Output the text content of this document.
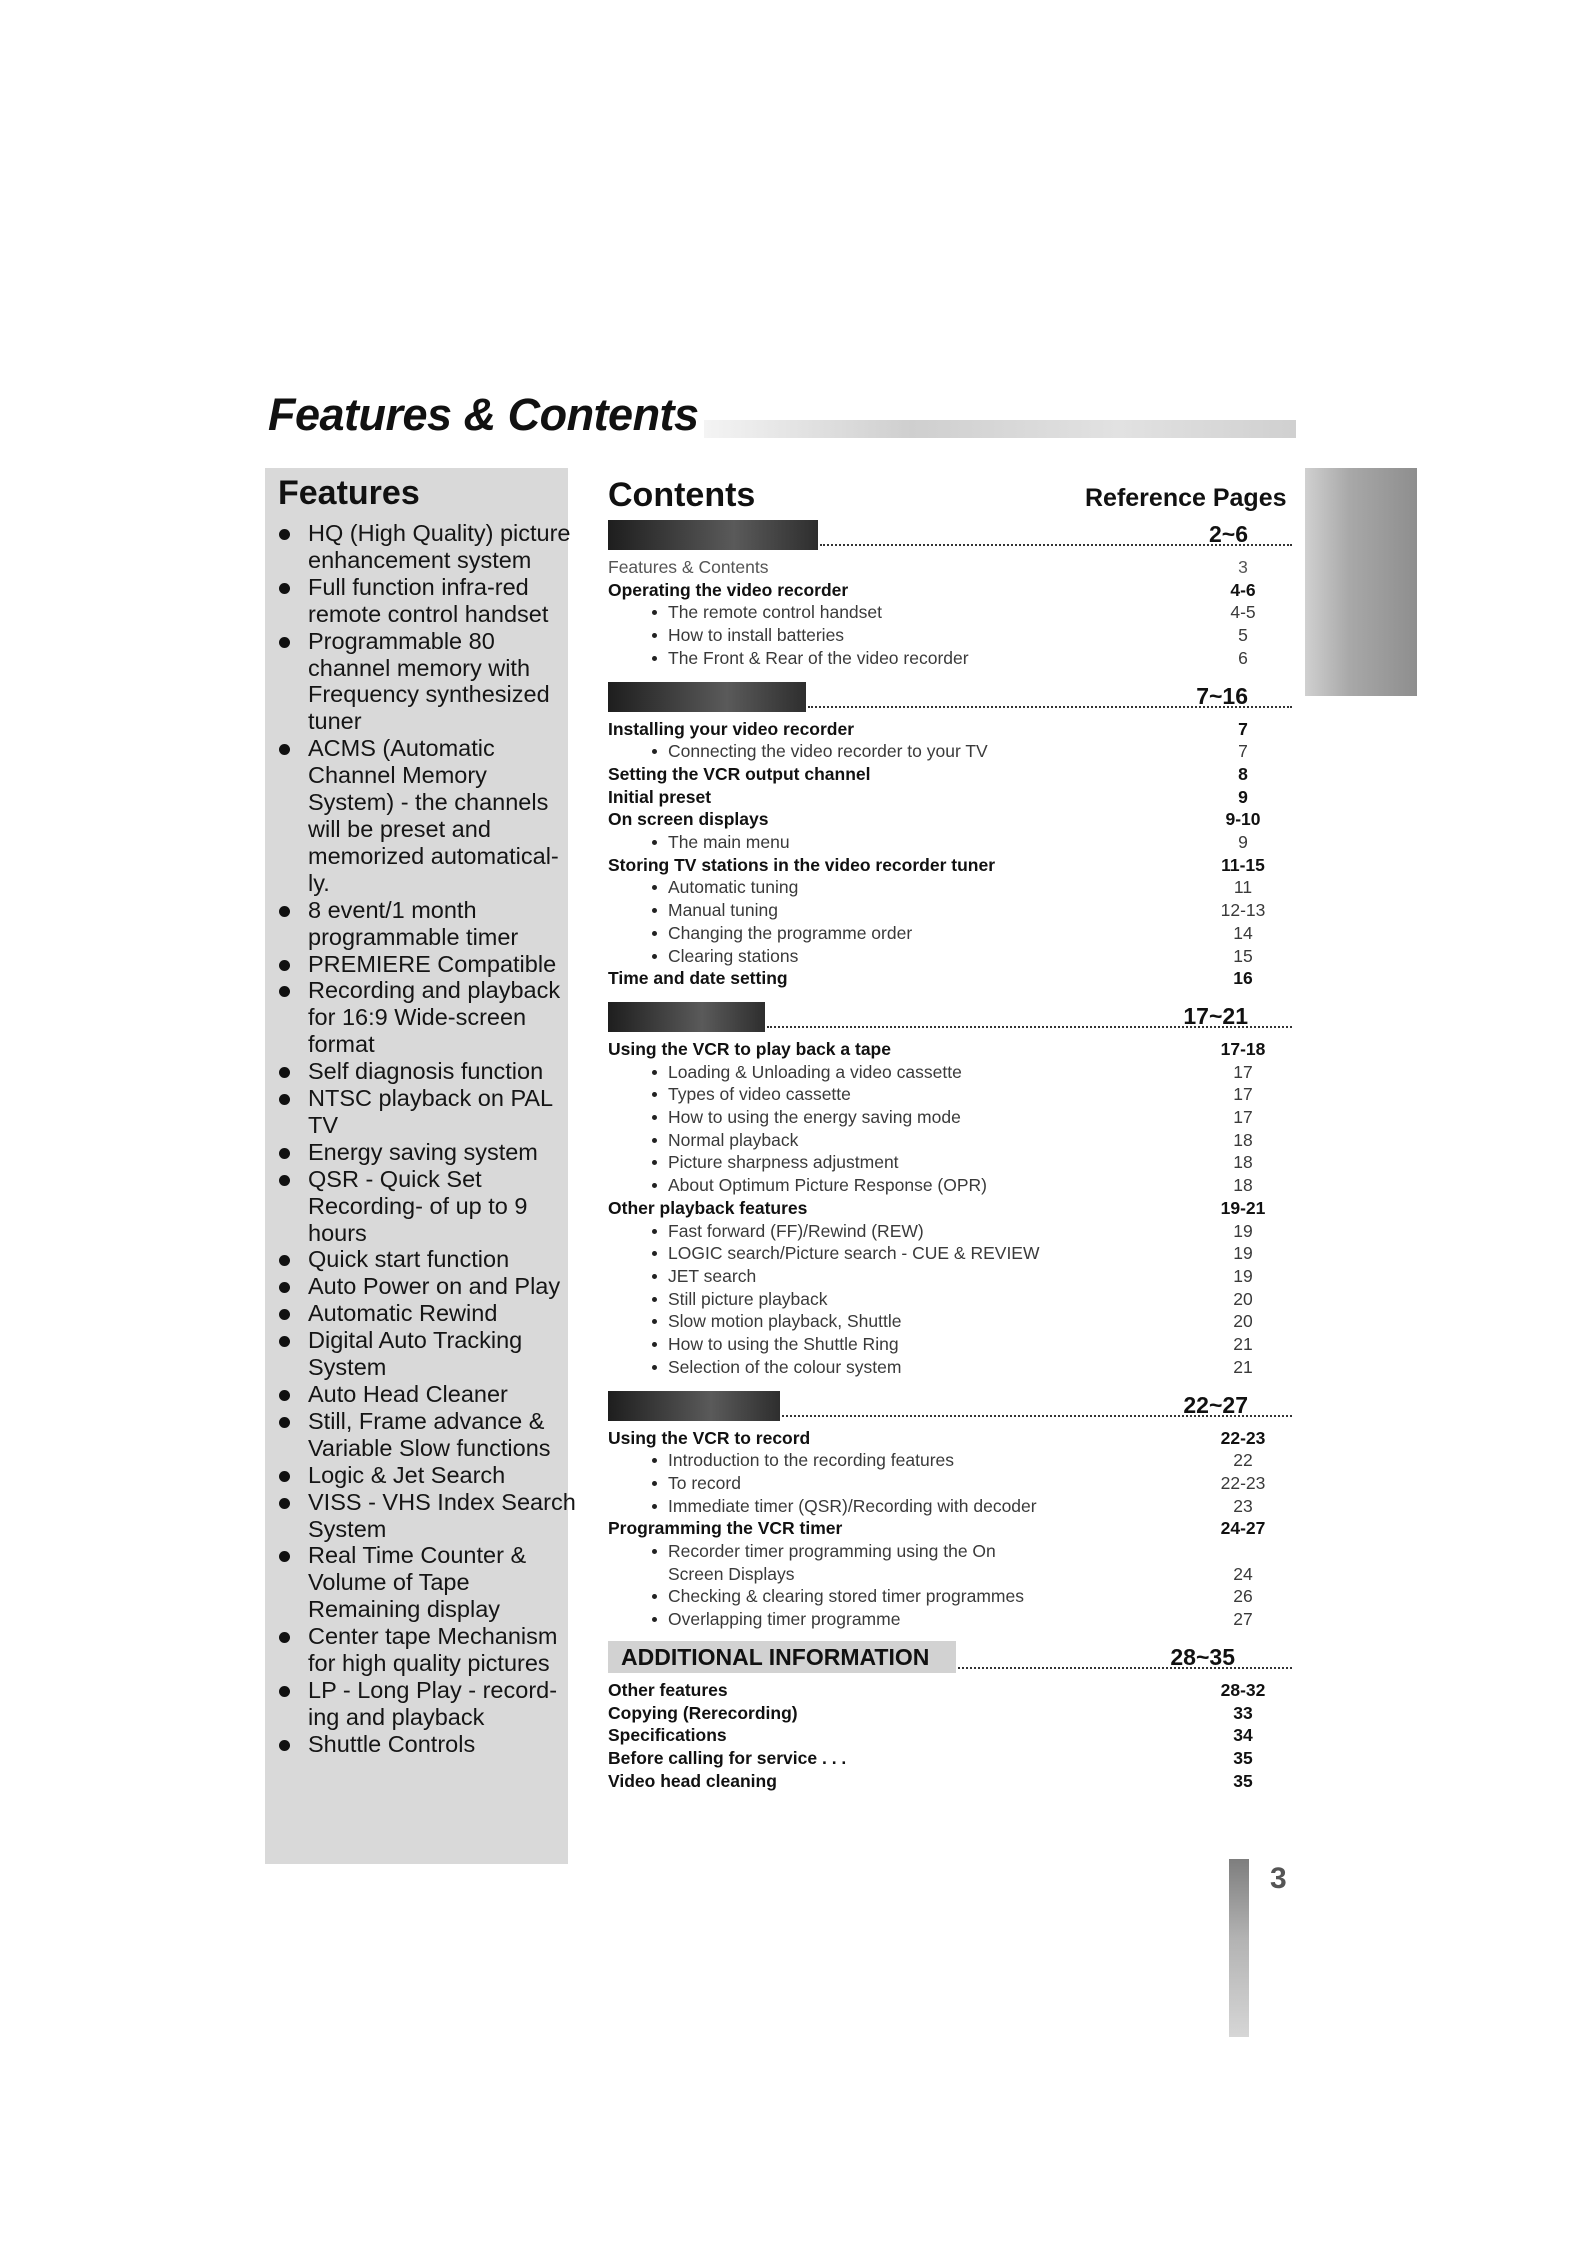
Features & Contents
Features
HQ (High Quality) picture enhancement system
Full function infra-red remote control handset
Programmable 80 channel memory with Frequency synthesized tuner
ACMS (Automatic Channel Memory System) - the channels will be preset and memorized automatical- ly.
8 event/1 month programmable timer
PREMIERE Compatible
Recording and playback for 16:9 Wide-screen format
Self diagnosis function
NTSC playback on PAL TV
Energy saving system
QSR - Quick Set Recording- of up to 9 hours
Quick start function
Auto Power on and Play
Automatic Rewind
Digital Auto Tracking System
Auto Head Cleaner
Still, Frame advance & Variable Slow functions
Logic & Jet Search
VISS - VHS Index Search System
Real Time Counter & Volume of Tape Remaining display
Center tape Mechanism for high quality pictures
LP - Long Play - record- ing and playback
Shuttle Controls
Contents	Reference Pages
2~6
Features & Contents	3
Operating the video recorder	4-6
The remote control handset	4-5
How to install batteries	5
The Front & Rear of the video recorder	6
7~16
Installing your video recorder	7
Connecting the video recorder to your TV	7
Setting the VCR output channel	8
Initial preset	9
On screen displays	9-10
The main menu	9
Storing TV stations in the video recorder tuner	11-15
Automatic tuning	11
Manual tuning	12-13
Changing the programme order	14
Clearing stations	15
Time and date setting	16
17~21
Using the VCR to play back a tape	17-18
Loading & Unloading a video cassette	17
Types of video cassette	17
How to using the energy saving mode	17
Normal playback	18
Picture sharpness adjustment	18
About Optimum Picture Response (OPR)	18
Other playback features	19-21
Fast forward (FF)/Rewind (REW)	19
LOGIC search/Picture search - CUE & REVIEW	19
JET search	19
Still picture playback	20
Slow motion playback, Shuttle	20
How to using the Shuttle Ring	21
Selection of the colour system	21
22~27
Using the VCR to record	22-23
Introduction to the recording features	22
To record	22-23
Immediate timer (QSR)/Recording with decoder	23
Programming the VCR timer	24-27
Recorder timer programming using the On Screen Displays	24
Checking & clearing stored timer programmes	26
Overlapping timer programme	27
ADDITIONAL INFORMATION	28~35
Other features	28-32
Copying (Rerecording)	33
Specifications	34
Before calling for service . . .	35
Video head cleaning	35
3
